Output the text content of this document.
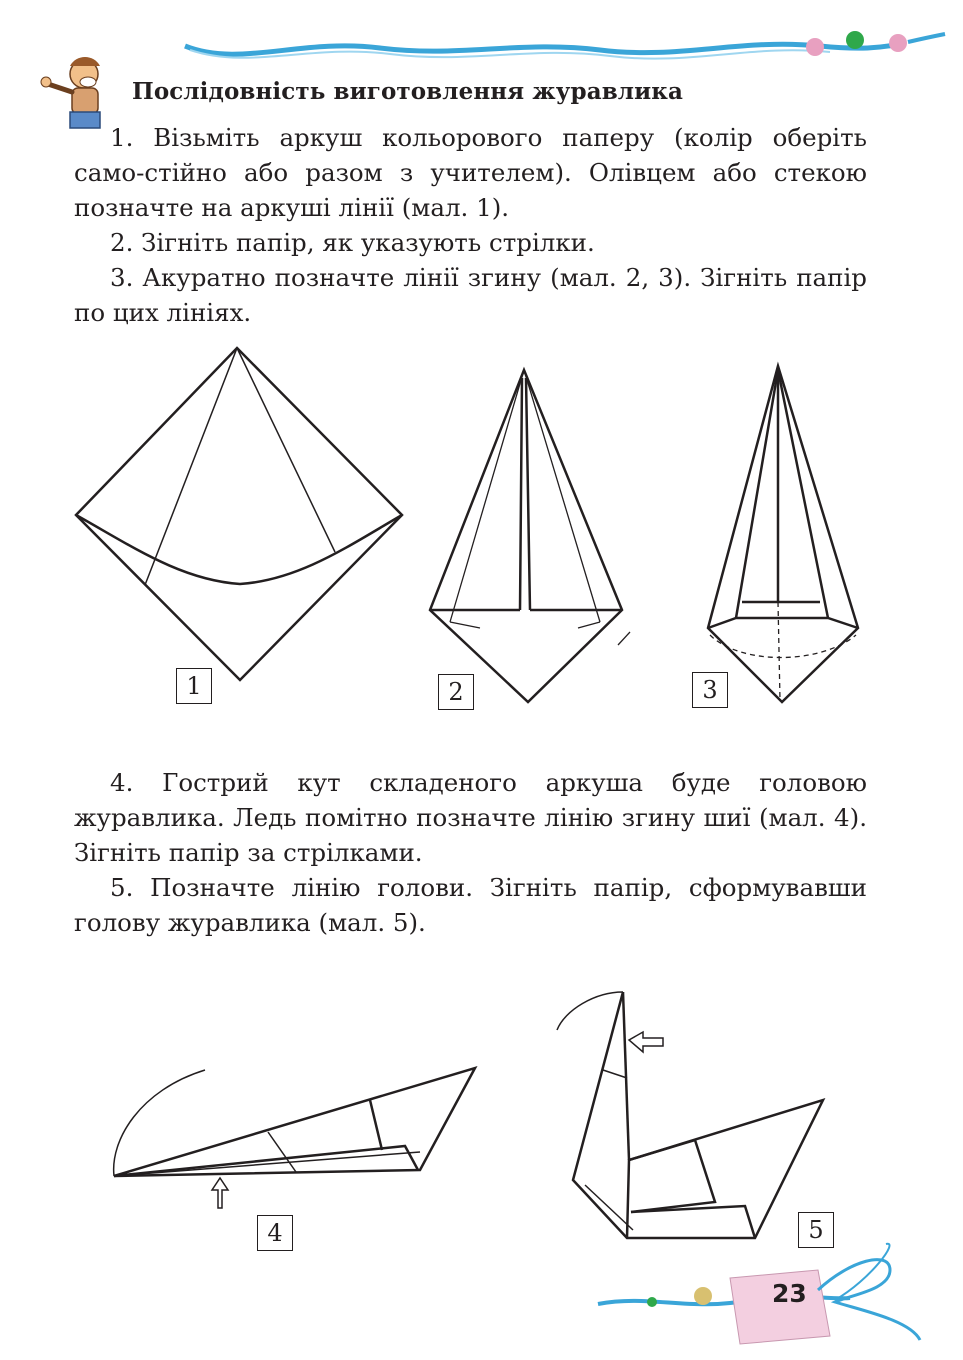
Послідовність виготовлення журавлика

1. Візьміть аркуш кольорового паперу (колір оберіть само-стійно або разом з учителем). Олівцем або стекою позначте на аркуші лінії (мал. 1).

2. Зігніть папір, як указують стрілки.

3. Акуратно позначте лінії згину (мал. 2, 3). Зігніть папір по цих лініях.

1	2	3

4. Гострий кут складеного аркуша буде головою журавлика. Ледь помітно позначте лінію згину шиї (мал. 4). Зігніть папір за стрілками.

5. Позначте лінію голови. Зігніть папір, сформувавши голову журавлика (мал. 5).

4	5
23
